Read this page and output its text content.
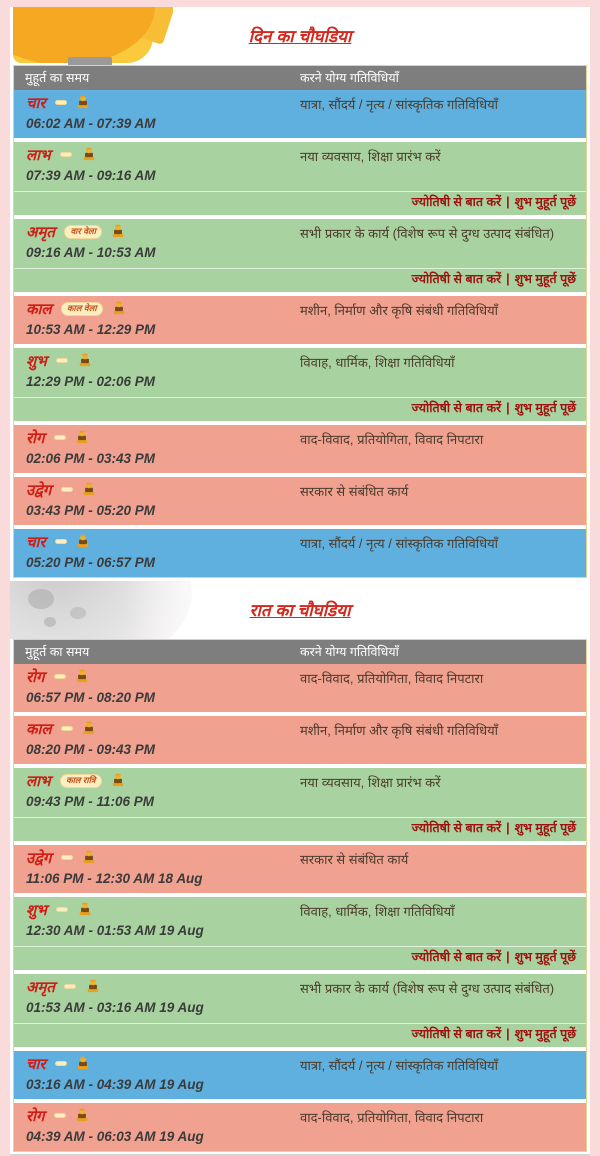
दिन का चौघडिया
मुहूर्त का समय	करने योग्य गतिविधियाँ
चार
06:02 AM - 07:39 AM
यात्रा, सौंदर्य / नृत्य / सांस्कृतिक गतिविधियाँ
लाभ
07:39 AM - 09:16 AM
नया व्यवसाय, शिक्षा प्रारंभ करें
ज्योतिषी से बात करें | शुभ मुहूर्त पूछें
अमृत वार वेला
09:16 AM - 10:53 AM
सभी प्रकार के कार्य (विशेष रूप से दुग्ध उत्पाद संबंधित)
ज्योतिषी से बात करें | शुभ मुहूर्त पूछें
काल काल वेला
10:53 AM - 12:29 PM
मशीन, निर्माण और कृषि संबंधी गतिविधियाँ
शुभ
12:29 PM - 02:06 PM
विवाह, धार्मिक, शिक्षा गतिविधियाँ
ज्योतिषी से बात करें | शुभ मुहूर्त पूछें
रोग
02:06 PM - 03:43 PM
वाद-विवाद, प्रतियोगिता, विवाद निपटारा
उद्वेग
03:43 PM - 05:20 PM
सरकार से संबंधित कार्य
चार
05:20 PM - 06:57 PM
यात्रा, सौंदर्य / नृत्य / सांस्कृतिक गतिविधियाँ
रात का चौघडिया
मुहूर्त का समय	करने योग्य गतिविधियाँ
रोग
06:57 PM - 08:20 PM
वाद-विवाद, प्रतियोगिता, विवाद निपटारा
काल
08:20 PM - 09:43 PM
मशीन, निर्माण और कृषि संबंधी गतिविधियाँ
लाभ काल रात्रि
09:43 PM - 11:06 PM
नया व्यवसाय, शिक्षा प्रारंभ करें
ज्योतिषी से बात करें | शुभ मुहूर्त पूछें
उद्वेग
11:06 PM - 12:30 AM 18 Aug
सरकार से संबंधित कार्य
शुभ
12:30 AM - 01:53 AM 19 Aug
विवाह, धार्मिक, शिक्षा गतिविधियाँ
ज्योतिषी से बात करें | शुभ मुहूर्त पूछें
अमृत
01:53 AM - 03:16 AM 19 Aug
सभी प्रकार के कार्य (विशेष रूप से दुग्ध उत्पाद संबंधित)
ज्योतिषी से बात करें | शुभ मुहूर्त पूछें
चार
03:16 AM - 04:39 AM 19 Aug
यात्रा, सौंदर्य / नृत्य / सांस्कृतिक गतिविधियाँ
रोग
04:39 AM - 06:03 AM 19 Aug
वाद-विवाद, प्रतियोगिता, विवाद निपटारा
